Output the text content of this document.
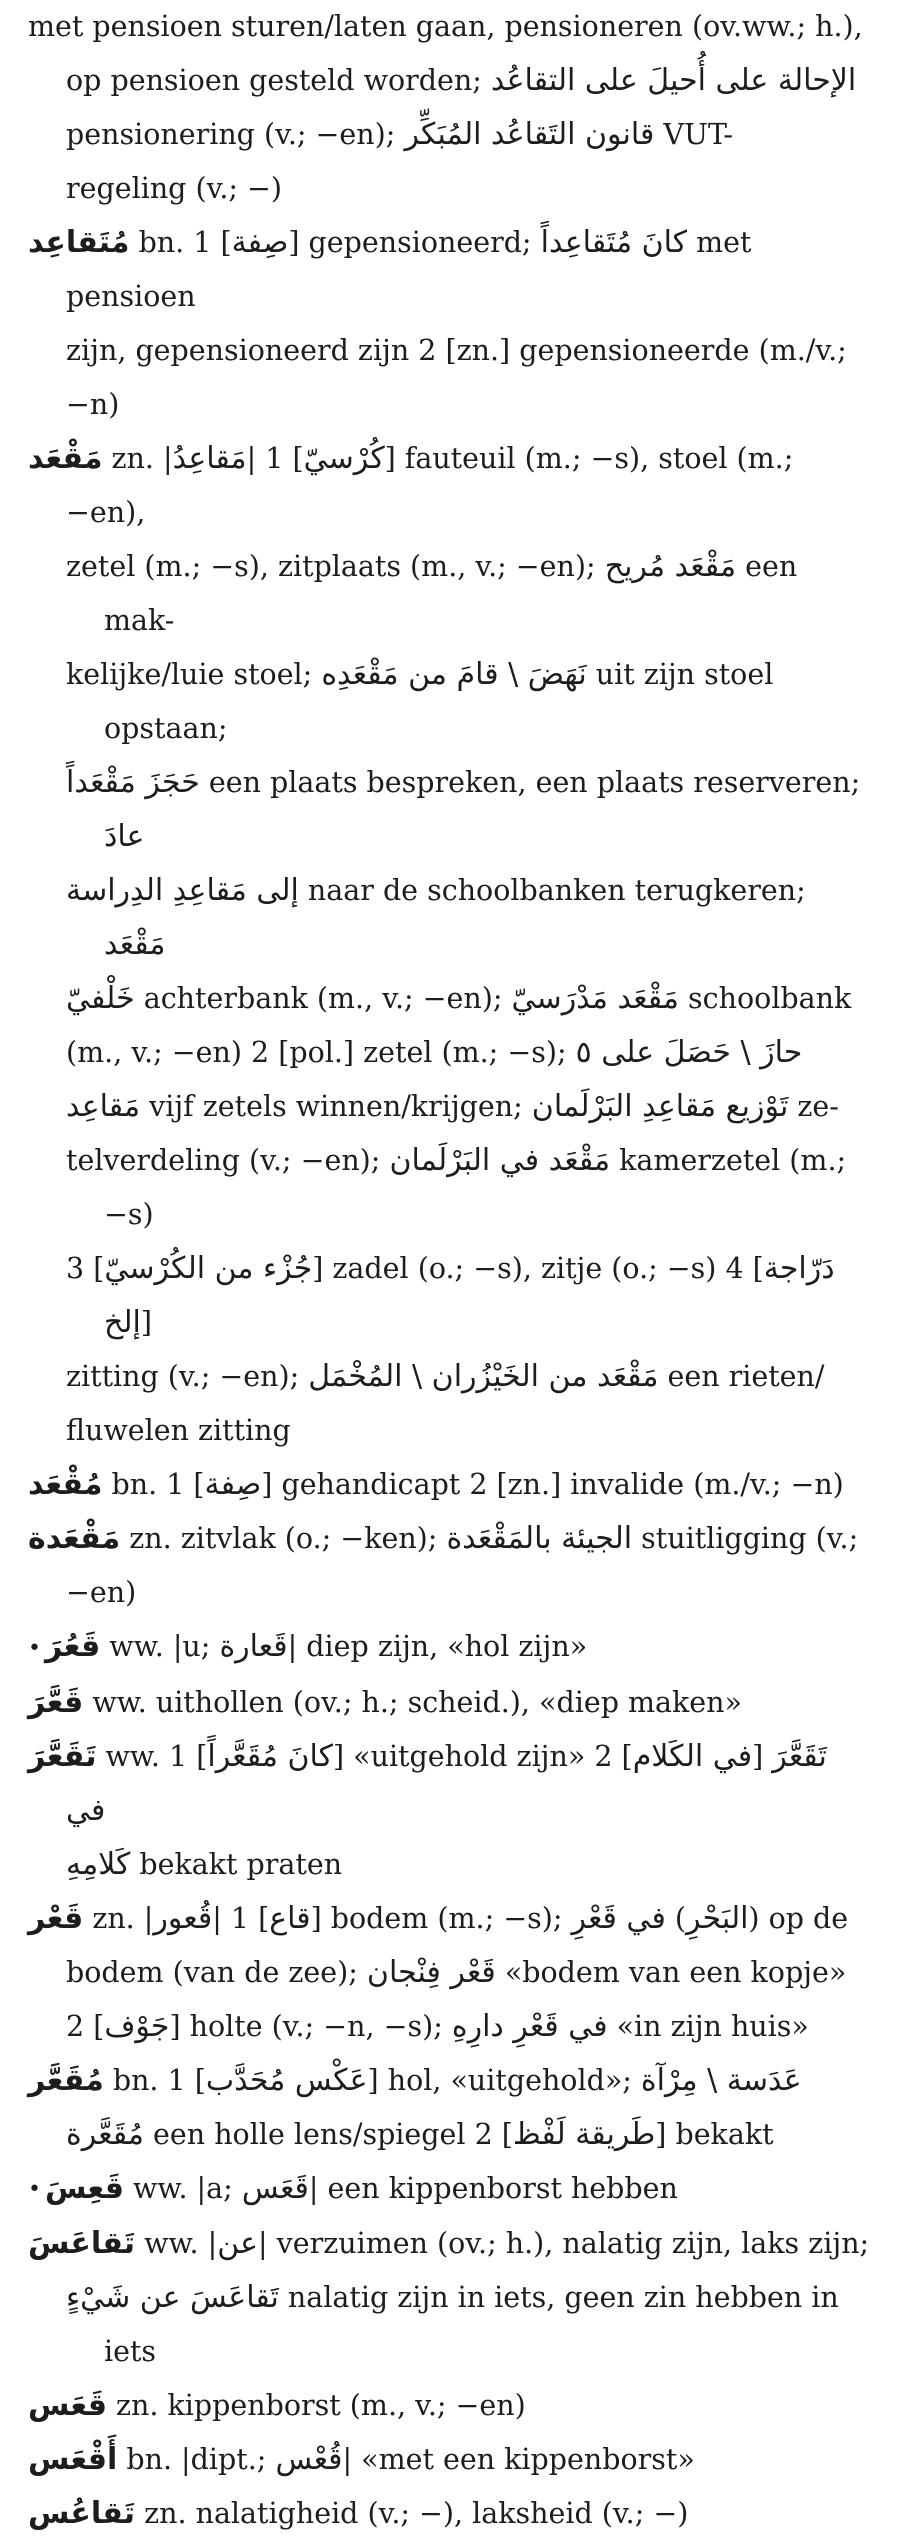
met pensioen sturen/laten gaan, pensioneren (ov.ww.; h.),
op pensioen gesteld worden; الإحالة على أُحيلَ على التقاعُد
pensionering (v.; −en); قانون التَقاعُد المُبَكِّر VUT-
regeling (v.; −)
مُتَقاعِد bn. 1 [صِفة] gepensioneerd; كانَ مُتَقاعِداً met pensioen
zijn, gepensioneerd zijn 2 [zn.] gepensioneerde (m./v.;
−n)
مَقْعَد zn. |مَقاعِدُ| 1 [كُرْسيّ] fauteuil (m.; −s), stoel (m.; −en),
zetel (m.; −s), zitplaats (m., v.; −en); مَقْعَد مُريح een mak-
kelijke/luie stoel; نَهَضَ \ قامَ من مَقْعَدِه uit zijn stoel opstaan;
حَجَزَ مَقْعَداً een plaats bespreken, een plaats reserveren; عادَ
إلى مَقاعِدِ الدِراسة naar de schoolbanken terugkeren; مَقْعَد
خَلْفيّ achterbank (m., v.; −en); مَقْعَد مَدْرَسيّ schoolbank
(m., v.; −en) 2 [pol.] zetel (m.; −s); حازَ \ حَصَلَ على ٥
مَقاعِد vijf zetels winnen/krijgen; تَوْزيع مَقاعِدِ البَرْلَمان ze-
telverdeling (v.; −en); مَقْعَد في البَرْلَمان kamerzetel (m.; −s)
3 [جُزْء من الكُرْسيّ] zadel (o.; −s), zitje (o.; −s) 4 [دَرّاجة إلخ]
zitting (v.; −en); مَقْعَد من الخَيْزُران \ المُخْمَل een rieten/
fluwelen zitting
مُقْعَد bn. 1 [صِفة] gehandicapt 2 [zn.] invalide (m./v.; −n)
مَقْعَدة zn. zitvlak (o.; −ken); الجيئة بالمَقْعَدة stuitligging (v.;
−en)
• قَعُرَ ww. |u; قَعارة| diep zijn, «hol zijn»
قَعَّرَ ww. uithollen (ov.; h.; scheid.), «diep maken»
تَقَعَّرَ ww. 1 [كانَ مُقَعَّراً] «uitgehold zijn» 2 [في الكَلام] تَقَعَّرَ في
كَلامِهِ bekakt praten
قَعْر zn. |قُعور| 1 [قاع] bodem (m.; −s); في قَعْرِ (البَحْرِ) op de
bodem (van de zee); قَعْر فِنْجان «bodem van een kopje»
2 [جَوْف] holte (v.; −n, −s); في قَعْرِ دارِهِ «in zijn huis»
مُقَعَّر bn. 1 [عَكْس مُحَدَّب] hol, «uitgehold»; عَدَسة \ مِرْآة
مُقَعَّرة een holle lens/spiegel 2 [طَريقة لَفْظ] bekakt
• قَعِسَ ww. |a; قَعَس| een kippenborst hebben
تَقاعَسَ ww. |عن| verzuimen (ov.; h.), nalatig zijn, laks zijn;
تَقاعَسَ عن شَيْءٍ nalatig zijn in iets, geen zin hebben in iets
قَعَس zn. kippenborst (m., v.; −en)
أَقْعَس bn. |dipt.; قُعْس| «met een kippenborst»
تَقاعُس zn. nalatigheid (v.; −), laksheid (v.; −)
